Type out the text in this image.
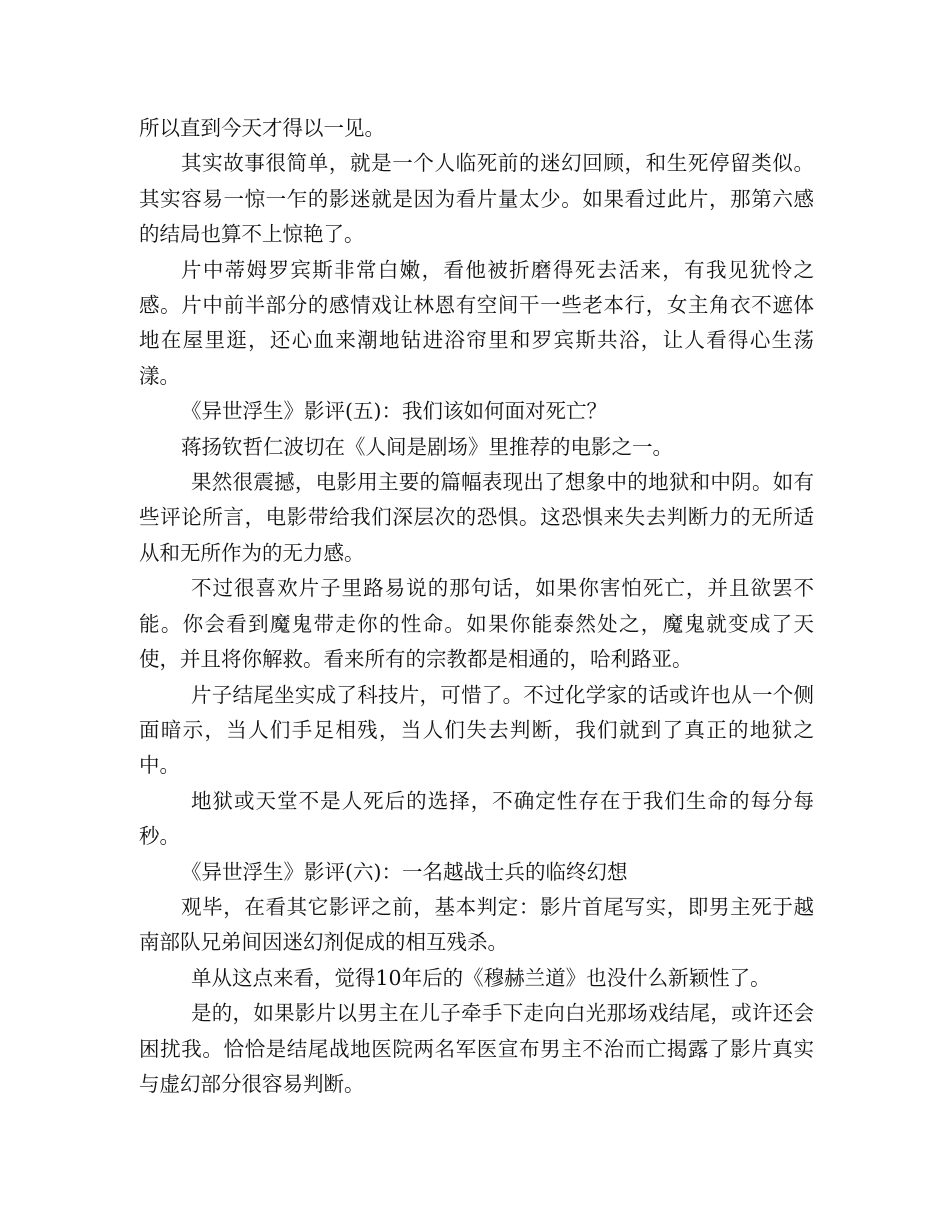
所以直到今天才得以一见。

其实故事很简单，就是一个人临死前的迷幻回顾，和生死停留类似。其实容易一惊一乍的影迷就是因为看片量太少。如果看过此片，那第六感的结局也算不上惊艳了。

片中蒂姆罗宾斯非常白嫩，看他被折磨得死去活来，有我见犹怜之感。片中前半部分的感情戏让林恩有空间干一些老本行，女主角衣不遮体地在屋里逛，还心血来潮地钻进浴帘里和罗宾斯共浴，让人看得心生荡漾。

《异世浮生》影评(五)：我们该如何面对死亡？

蒋扬钦哲仁波切在《人间是剧场》里推荐的电影之一。

果然很震撼，电影用主要的篇幅表现出了想象中的地狱和中阴。如有些评论所言，电影带给我们深层次的恐惧。这恐惧来失去判断力的无所适从和无所作为的无力感。

不过很喜欢片子里路易说的那句话，如果你害怕死亡，并且欲罢不能。你会看到魔鬼带走你的性命。如果你能泰然处之，魔鬼就变成了天使，并且将你解救。看来所有的宗教都是相通的，哈利路亚。

片子结尾坐实成了科技片，可惜了。不过化学家的话或许也从一个侧面暗示，当人们手足相残，当人们失去判断，我们就到了真正的地狱之中。

地狱或天堂不是人死后的选择，不确定性存在于我们生命的每分每秒。

《异世浮生》影评(六)：一名越战士兵的临终幻想

观毕，在看其它影评之前，基本判定：影片首尾写实，即男主死于越南部队兄弟间因迷幻剂促成的相互残杀。

单从这点来看，觉得10年后的《穆赫兰道》也没什么新颖性了。

是的，如果影片以男主在儿子牵手下走向白光那场戏结尾，或许还会困扰我。恰恰是结尾战地医院两名军医宣布男主不治而亡揭露了影片真实与虚幻部分很容易判断。
